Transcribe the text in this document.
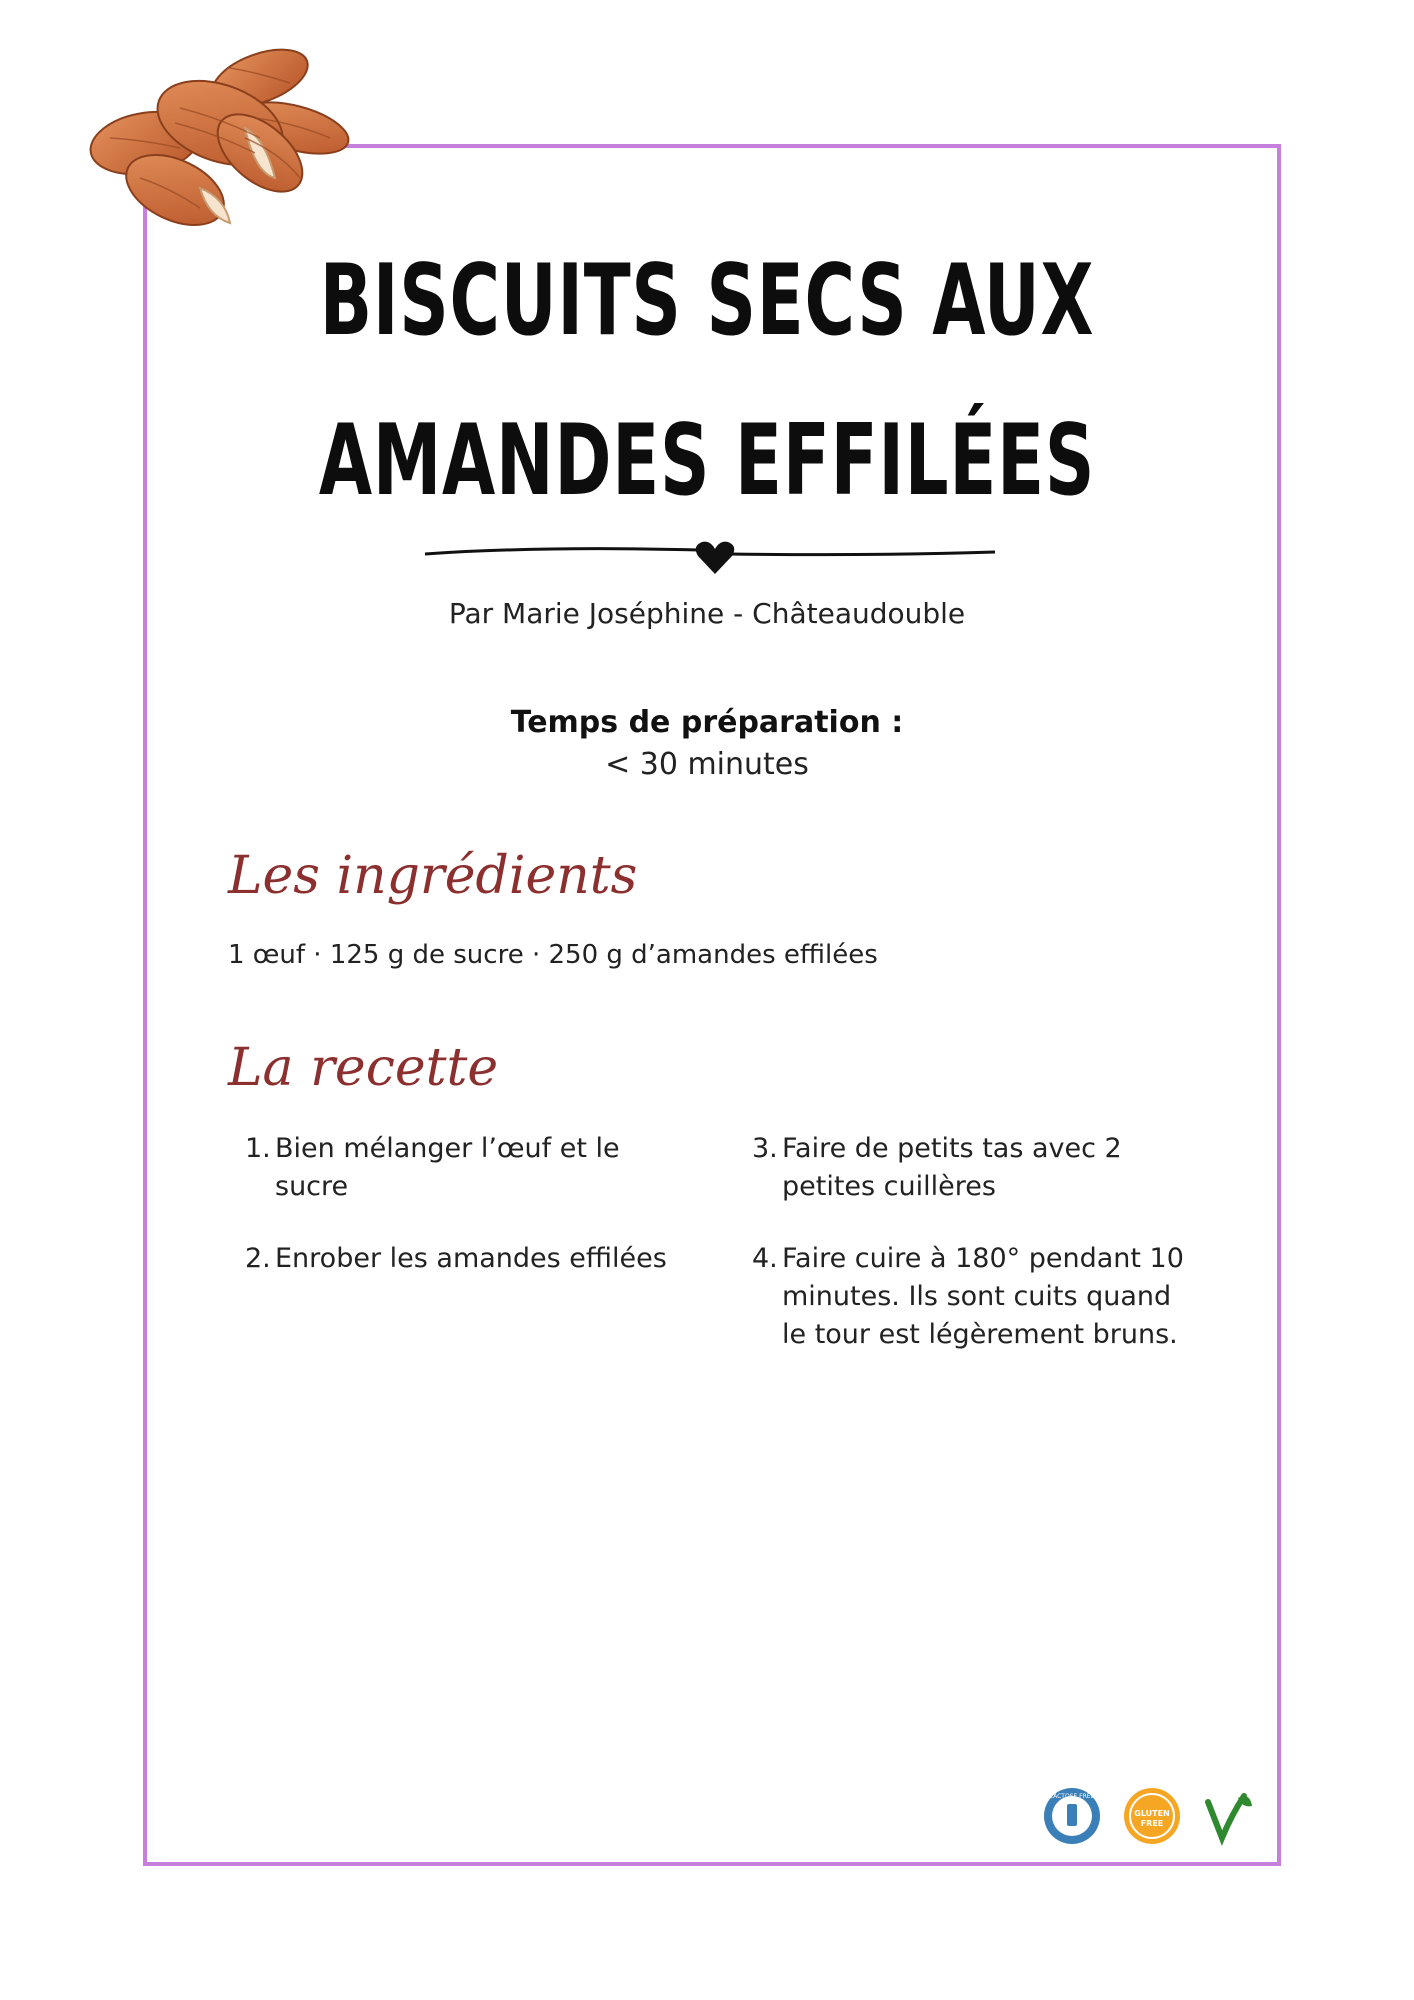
BISCUITS SECS AUX
AMANDES EFFILÉES
Par Marie Joséphine - Châteaudouble
Temps de préparation :
< 30 minutes
Les ingrédients
1 œuf · 125 g de sucre · 250 g d’amandes effilées
La recette
1. Bien mélanger l’œuf et le sucre
2. Enrober les amandes effilées
3. Faire de petits tas avec 2 petites cuillères
4. Faire cuire à 180° pendant 10 minutes. Ils sont cuits quand le tour est légèrement bruns.
LACTOSE FREE
GLUTEN
FREE
